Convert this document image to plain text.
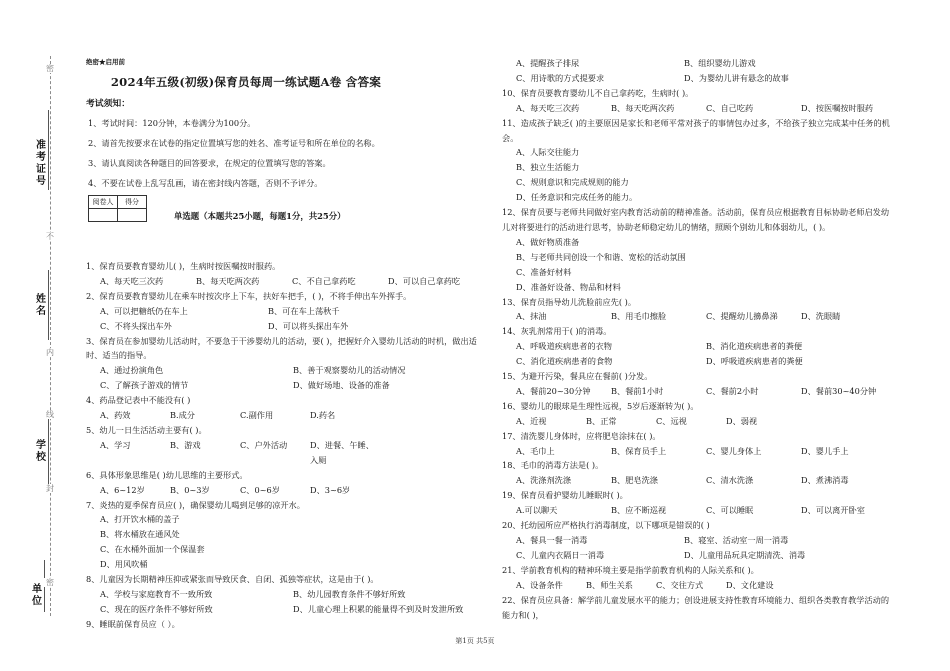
准考证号
姓名
学校
单位
密
不
内
线
封
密
绝密★启用前
2024年五级(初级)保育员每周一练试题A卷 含答案
考试须知：
1、考试时间：120分钟，本卷满分为100分。
2、请首先按要求在试卷的指定位置填写您的姓名、准考证号和所在单位的名称。
3、请认真阅读各种题目的回答要求，在规定的位置填写您的答案。
4、不要在试卷上乱写乱画，请在密封线内答题，否则不予评分。
阅卷人	得分

单选题（本题共25小题，每题1分，共25分）
1、保育员要教育婴幼儿( )，生病时按医嘱按时服药。
A、每天吃三次药	B、每天吃两次药	C、不自己拿药吃	D、可以自己拿药吃
2、保育员要教育婴幼儿在乘车时按次序上下车，扶好车把手，( )，不将手伸出车外挥手。
A、可以把糖纸仍在车上	B、可在车上荡秋千
C、不将头探出车外	D、可以将头探出车外
3、保育员在参加婴幼儿活动时，不要急于干涉婴幼儿的活动，要( )，把握好介入婴幼儿活动的时机，做出适时、适当的指导。
A、通过扮演角色	B、善于观察婴幼儿的活动情况
C、了解孩子游戏的情节	D、做好场地、设备的准备
4、药品登记表中不能没有( )
A、药效	B.成分	C.副作用	D.药名
5、幼儿一日生活活动主要有( )。
A、学习	B、游戏	C、户外活动	D、进餐、午睡、入厕
6、具体形象思维是( )幼儿思维的主要形式。
A、6~12岁	B、0~3岁	C、0~6岁	D、3~6岁
7、炎热的夏季保育员应( )，确保婴幼儿喝到足够的凉开水。
A、打开饮水桶的盖子
B、将水桶放在通风处
C、在水桶外面加一个保温套
D、用风吹桶
8、儿童因为长期精神压抑或紧张而导致厌食、自闭、孤独等症状，这是由于( )。
A、学校与家庭教育不一致所致	B、幼儿园教育条件不够好所致
C、现在的医疗条件不够好所致	D、儿童心理上积累的能量得不到及时发泄所致
9、睡眠前保育员应（ ）。
A、提醒孩子排尿	B、组织婴幼儿游戏
C、用诗歌的方式提要求	D、为婴幼儿讲有悬念的故事
10、保育员要教育婴幼儿不自己拿药吃，生病时( )。
A、每天吃三次药	B、每天吃两次药	C、自己吃药	D、按医嘱按时服药
11、造成孩子缺乏( )的主要原因是家长和老师平常对孩子的事情包办过多，不给孩子独立完成某中任务的机会。
A、人际交往能力
B、独立生活能力
C、规则意识和完成规则的能力
D、任务意识和完成任务的能力。
12、保育员要与老师共同做好室内教育活动前的精神准备。活动前，保育员应根据教育目标协助老师启发幼儿对将要进行的活动进行思考，协助老师稳定幼儿的情绪，照顾个别幼儿和体弱幼儿，( )。
A、做好物质准备
B、与老师共同创设一个和谐、宽松的活动氛围
C、准备好材料
D、准备好设备、物品和材料
13、保育员指导幼儿洗脸前应先( )。
A、抹油	B、用毛巾擦脸	C、提醒幼儿擤鼻涕	D、洗眼睛
14、灰乳剂常用于( )的消毒。
A、呼吸道疾病患者的衣物	B、消化道疾病患者的粪便
C、消化道疾病患者的食物	D、呼吸道疾病患者的粪便
15、为避开污染，餐具应在餐前( )分发。
A、餐前20~30分钟	B、餐前1小时	C、餐前2小时	D、餐前30~40分钟
16、婴幼儿的眼球是生理性远视，5岁后逐渐转为( )。
A、近视	B、正常	C、远视	D、弱视
17、清洗婴儿身体时，应将肥皂涂抹在( )。
A、毛巾上	B、保育员手上	C、婴儿身体上	D、婴儿手上
18、毛巾的消毒方法是( )。
A、洗涤剂洗涤	B、肥皂洗涤	C、清水洗涤	D、煮沸消毒
19、保育员看护婴幼儿睡眠时( )。
A.可以聊天	B、应不断巡视	C、可以睡眠	D、可以离开卧室
20、托幼园所应严格执行消毒制度，以下哪项是错误的( )
A、餐具一餐一消毒	B、寝室、活动室一周一消毒
C、儿童内衣隔日一消毒	D、儿童用品玩具定期清洗、消毒
21、学前教育机构的精神环境主要是指学前教育机构的人际关系和( )。
A、设备条件	B、师生关系	C、交往方式	D、文化建设
22、保育员应具备：解学前儿童发展水平的能力；创设进展支持性教育环境能力、组织各类教育教学活动的能力和( )，
第1页 共5页
